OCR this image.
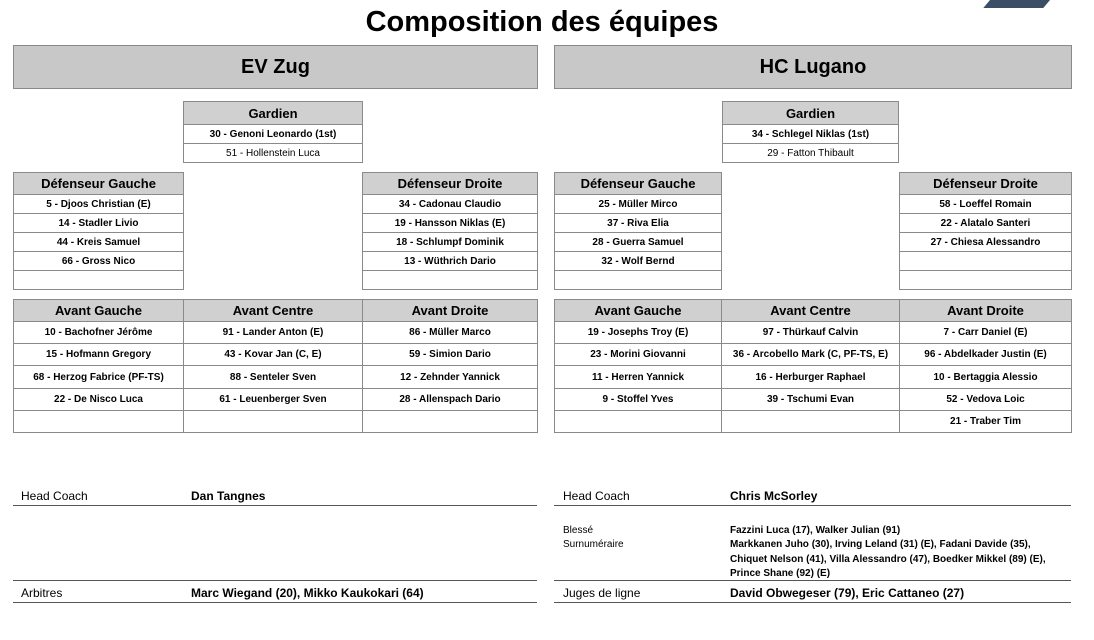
Composition des équipes
EV Zug	HC Lugano
Gardien
30 - Genoni Leonardo (1st)
51 - Hollenstein Luca
Gardien
34 - Schlegel Niklas (1st)
29 - Fatton Thibault
Défenseur Gauche
5 - Djoos Christian (E)
14 - Stadler Livio
44 - Kreis Samuel
66 - Gross Nico
Défenseur Droite
34 - Cadonau Claudio
19 - Hansson Niklas (E)
18 - Schlumpf Dominik
13 - Wüthrich Dario
Défenseur Gauche
25 - Müller Mirco
37 - Riva Elia
28 - Guerra Samuel
32 - Wolf Bernd
Défenseur Droite
58 - Loeffel Romain
22 - Alatalo Santeri
27 - Chiesa Alessandro
Avant Gauche
10 - Bachofner Jérôme
15 - Hofmann Gregory
68 - Herzog Fabrice (PF-TS)
22 - De Nisco Luca
Avant Centre
91 - Lander Anton (E)
43 - Kovar Jan (C, E)
88 - Senteler Sven
61 - Leuenberger Sven
Avant Droite
86 - Müller Marco
59 - Simion Dario
12 - Zehnder Yannick
28 - Allenspach Dario
Avant Gauche
19 - Josephs Troy (E)
23 - Morini Giovanni
11 - Herren Yannick
9 - Stoffel Yves
Avant Centre
97 - Thürkauf Calvin
36 - Arcobello Mark (C, PF-TS, E)
16 - Herburger Raphael
39 - Tschumi Evan
Avant Droite
7 - Carr Daniel (E)
96 - Abdelkader Justin (E)
10 - Bertaggia Alessio
52 - Vedova Loic
21 - Traber Tim
Head Coach	Dan Tangnes
Arbitres	Marc Wiegand (20), Mikko Kaukokari (64)
Head Coach	Chris McSorley
Blessé	Fazzini Luca (17), Walker Julian (91)
Surnuméraire	Markkanen Juho (30), Irving Leland (31) (E), Fadani Davide (35),
Chiquet Nelson (41), Villa Alessandro (47), Boedker Mikkel (89) (E),
Prince Shane (92) (E)
Juges de ligne	David Obwegeser (79), Eric Cattaneo (27)
